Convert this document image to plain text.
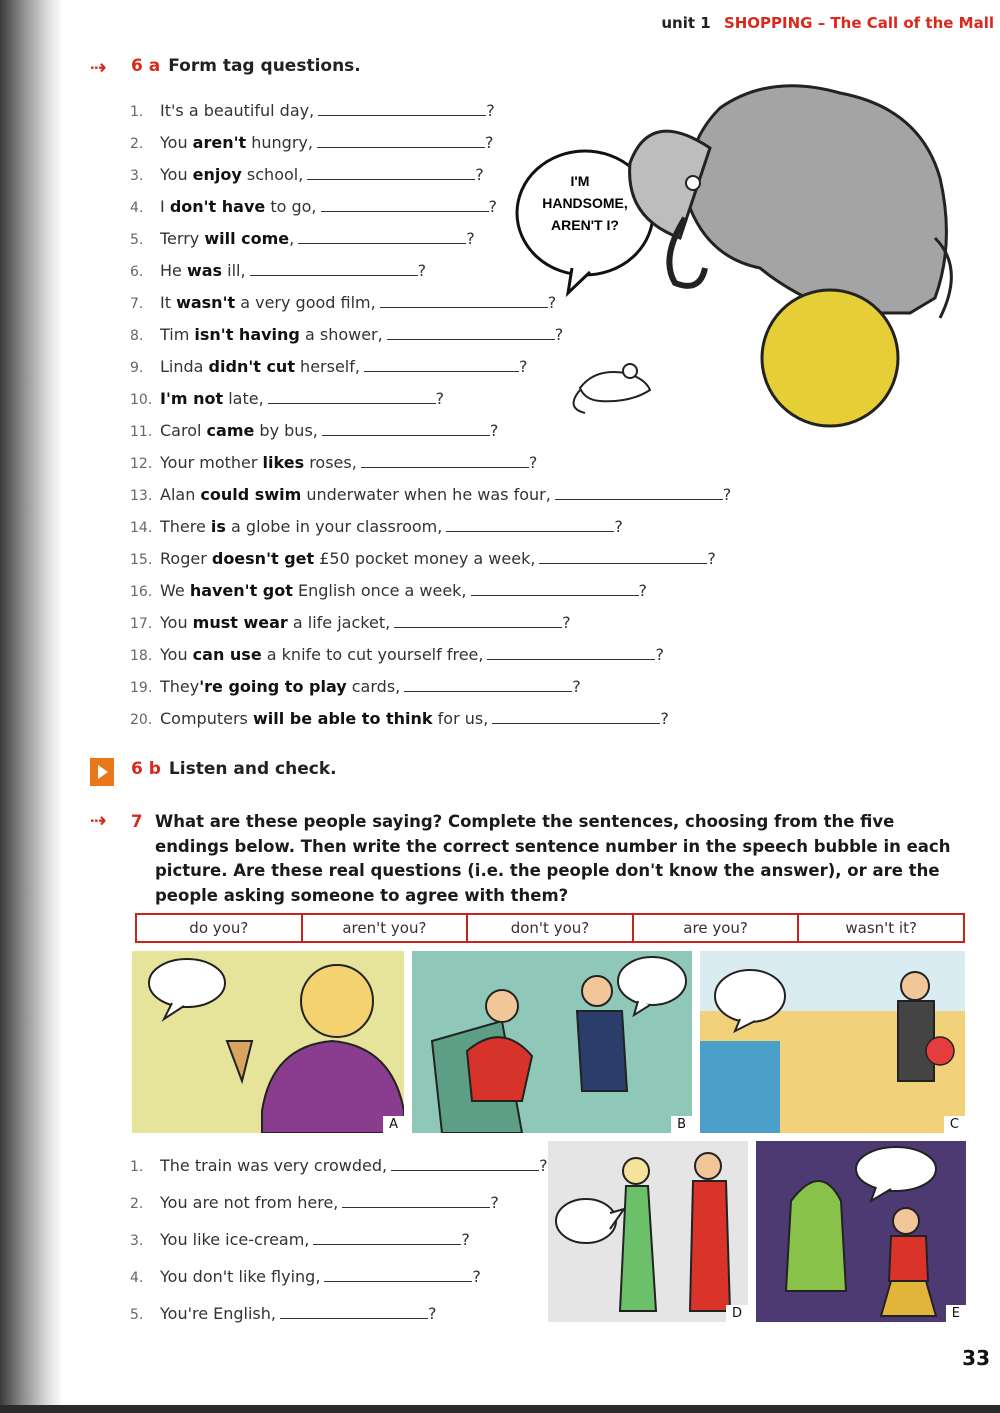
unit 1 SHOPPING – The Call of the Mall
⇢ 6 a Form tag questions.
1. It's a beautiful day,	?
2. You aren't hungry,	?
3. You enjoy school,	?
4. I don't have to go,	?
5. Terry will come,	?
6. He was ill,	?
7. It wasn't a very good film,	?
8. Tim isn't having a shower,	?
9. Linda didn't cut herself,	?
10. I'm not late,	?
11. Carol came by bus,	?
12. Your mother likes roses,	?
13. Alan could swim underwater when he was four,	?
14. There is a globe in your classroom,	?
15. Roger doesn't get £50 pocket money a week,	?
16. We haven't got English once a week,	?
17. You must wear a life jacket,	?
18. You can use a knife to cut yourself free,	?
19. They're going to play cards,	?
20. Computers will be able to think for us,	?
I'M
HANDSOME,
AREN'T I?
6 b Listen and check.
⇢ 7 What are these people saying? Complete the sentences, choosing from the five endings below. Then write the correct sentence number in the speech bubble in each picture. Are these real questions (i.e. the people don't know the answer), or are the people asking someone to agree with them?
do you?	aren't you?	don't you?	are you?	wasn't it?
A	B	C
D	E
1. The train was very crowded,	?
2. You are not from here,	?
3. You like ice-cream,	?
4. You don't like flying,	?
5. You're English,	?
33
